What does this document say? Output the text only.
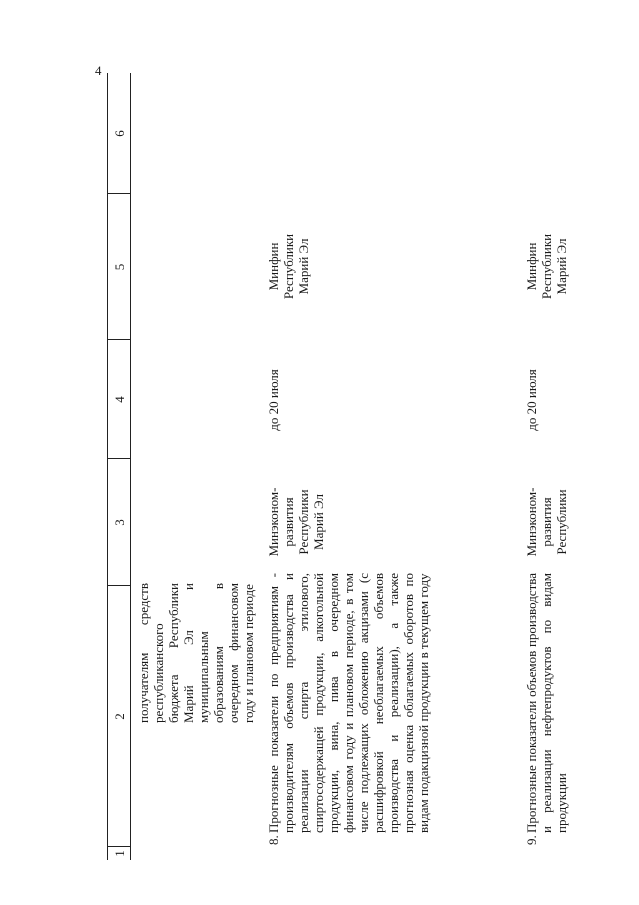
4
1
2
3
4
5
6
получателям средств республиканского бюджета Республики Марий Эл и муниципальным образованиям в очередном финансовом году и плановом периоде
Минфин Республики Марий Эл
8.
Прогнозные показатели по предприятиям - производителям объемов производства и реализации спирта этилового, спиртосодержащей продукции, алкогольной продукции, вина, пива в очередном финансовом году и плановом периоде, в том числе подлежащих обложению акцизами (с расшифровкой необлагаемых объемов производства и реализации), а также прогнозная оценка облагаемых оборотов по видам подакцизной продукции в текущем году
Минэконом-развития Республики Марий Эл
до 20 июля
9.
Прогнозные показатели объемов производства и реализации нефтепродуктов по видам продукции
Минэконом-развития Республики
до 20 июля
Минфин Республики Марий Эл
